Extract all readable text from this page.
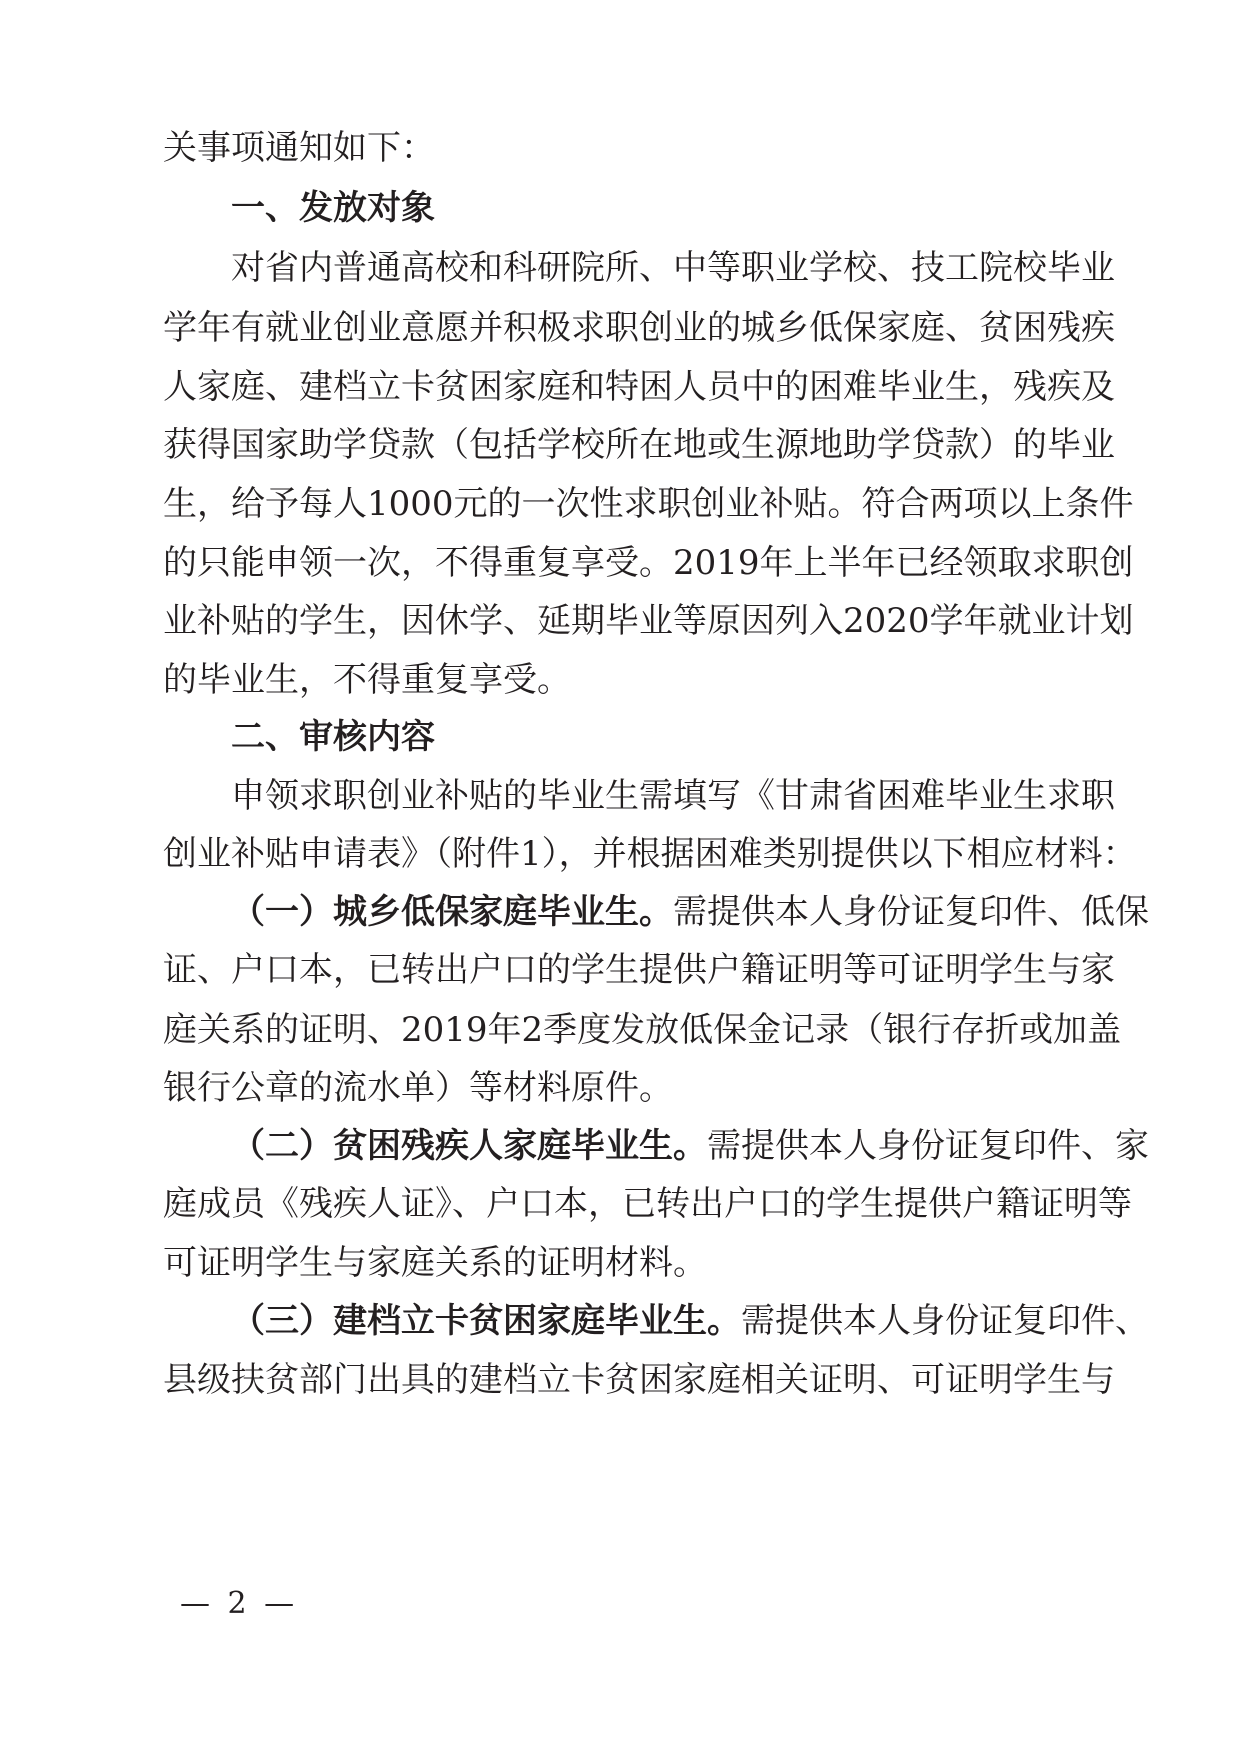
关事项通知如下：
一、发放对象
对省内普通高校和科研院所、中等职业学校、技工院校毕业
学年有就业创业意愿并积极求职创业的城乡低保家庭、贫困残疾
人家庭、建档立卡贫困家庭和特困人员中的困难毕业生，残疾及
获得国家助学贷款（包括学校所在地或生源地助学贷款）的毕业
生，给予每人1000元的一次性求职创业补贴。符合两项以上条件
的只能申领一次，不得重复享受。2019年上半年已经领取求职创
业补贴的学生，因休学、延期毕业等原因列入2020学年就业计划
的毕业生，不得重复享受。
二、审核内容
申领求职创业补贴的毕业生需填写《甘肃省困难毕业生求职
创业补贴申请表》（附件1），并根据困难类别提供以下相应材料：
（一）城乡低保家庭毕业生。需提供本人身份证复印件、低保
证、户口本，已转出户口的学生提供户籍证明等可证明学生与家
庭关系的证明、2019年2季度发放低保金记录（银行存折或加盖
银行公章的流水单）等材料原件。
（二）贫困残疾人家庭毕业生。需提供本人身份证复印件、家
庭成员《残疾人证》、户口本，已转出户口的学生提供户籍证明等
可证明学生与家庭关系的证明材料。
（三）建档立卡贫困家庭毕业生。需提供本人身份证复印件、
县级扶贫部门出具的建档立卡贫困家庭相关证明、可证明学生与
— 2 —
